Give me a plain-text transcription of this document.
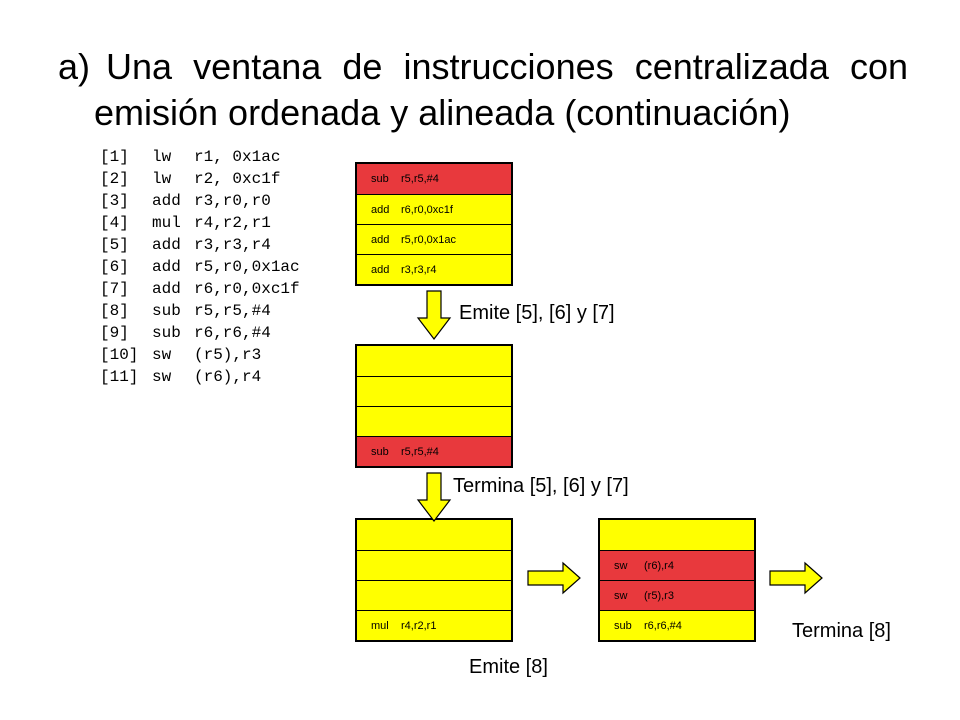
a) Una ventana de instrucciones centralizada con
emisión ordenada y alineada (continuación)
[1] lw r1, 0x1ac
[2] lw r2, 0xc1f
[3] add r3,r0,r0
[4] mul r4,r2,r1
[5] add r3,r3,r4
[6] add r5,r0,0x1ac
[7] add r6,r0,0xc1f
[8] sub r5,r5,#4
[9] sub r6,r6,#4
[10] sw (r5),r3
[11] sw (r6),r4
sub r5,r5,#4
add r6,r0,0xc1f
add r5,r0,0x1ac
add r3,r3,r4
sub r5,r5,#4
mul r4,r2,r1
sw (r6),r4
sw (r5),r3
sub r6,r6,#4
Emite [5], [6] y [7]
Termina [5], [6] y [7]
Emite [8]
Termina [8]
